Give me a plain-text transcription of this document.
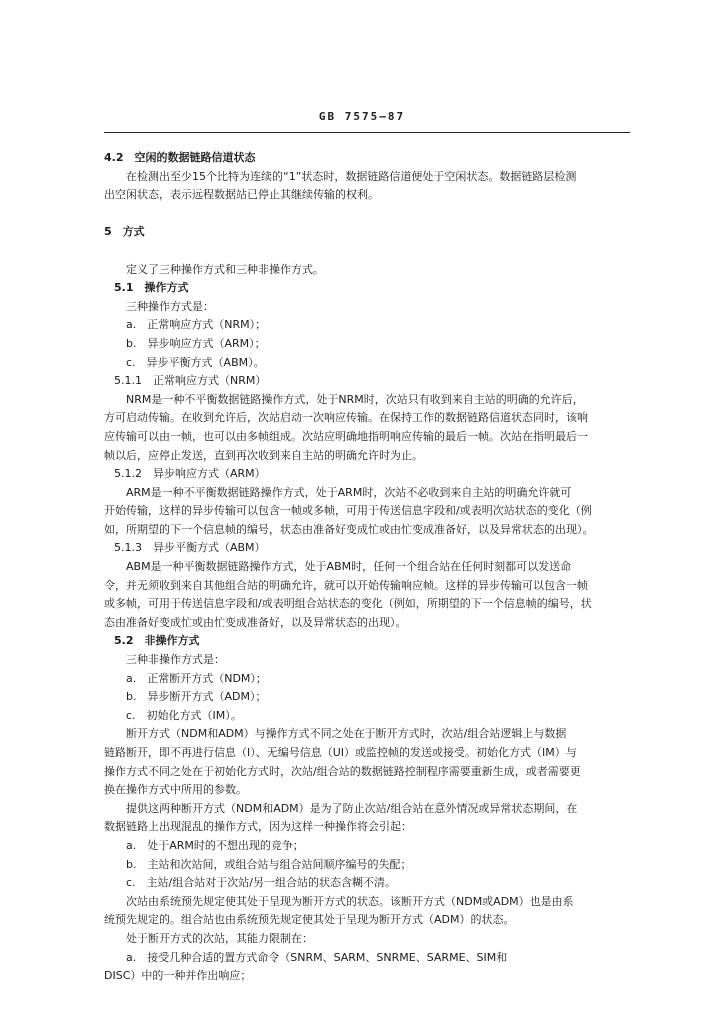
GB 7575—87

4.2　空闲的数据链路信道状态

在检测出至少15个比特为连续的“1”状态时，数据链路信道便处于空闲状态。数据链路层检测

出空闲状态，表示远程数据站已停止其继续传输的权利。

5　方式

定义了三种操作方式和三种非操作方式。

5.1　操作方式

三种操作方式是：

a.　正常响应方式（NRM）；

b.　异步响应方式（ARM）；

c.　异步平衡方式（ABM）。

5.1.1　正常响应方式（NRM）

NRM是一种不平衡数据链路操作方式，处于NRM时，次站只有收到来自主站的明确的允许后，

方可启动传输。在收到允许后，次站启动一次响应传输。在保持工作的数据链路信道状态同时，该响

应传输可以由一帧，也可以由多帧组成。次站应明确地指明响应传输的最后一帧。次站在指明最后一

帧以后，应停止发送，直到再次收到来自主站的明确允许时为止。

5.1.2　异步响应方式（ARM）

ARM是一种不平衡数据链路操作方式，处于ARM时，次站不必收到来自主站的明确允许就可

开始传输，这样的异步传输可以包含一帧或多帧，可用于传送信息字段和/或表明次站状态的变化（例

如，所期望的下一个信息帧的编号，状态由准备好变成忙或由忙变成准备好，以及异常状态的出现）。

5.1.3　异步平衡方式（ABM）

ABM是一种平衡数据链路操作方式，处于ABM时，任何一个组合站在任何时刻都可以发送命

令，并无须收到来自其他组合站的明确允许，就可以开始传输响应帧。这样的异步传输可以包含一帧

或多帧，可用于传送信息字段和/或表明组合站状态的变化（例如，所期望的下一个信息帧的编号，状

态由准备好变成忙或由忙变成准备好，以及异常状态的出现）。

5.2　非操作方式

三种非操作方式是：

a.　正常断开方式（NDM）；

b.　异步断开方式（ADM）；

c.　初始化方式（IM）。

断开方式（NDM和ADM）与操作方式不同之处在于断开方式时，次站/组合站逻辑上与数据

链路断开，即不再进行信息（I）、无编号信息（UI）或监控帧的发送或接受。初始化方式（IM）与

操作方式不同之处在于初始化方式时，次站/组合站的数据链路控制程序需要重新生成，或者需要更

换在操作方式中所用的参数。

提供这两种断开方式（NDM和ADM）是为了防止次站/组合站在意外情况或异常状态期间，在

数据链路上出现混乱的操作方式，因为这样一种操作将会引起：

a.　处于ARM时的不想出现的竞争；

b.　主站和次站间，或组合站与组合站间顺序编号的失配；

c.　主站/组合站对于次站/另一组合站的状态含糊不清。

次站由系统预先规定使其处于呈现为断开方式的状态。该断开方式（NDM或ADM）也是由系

统预先规定的。组合站也由系统预先规定使其处于呈现为断开方式（ADM）的状态。

处于断开方式的次站，其能力限制在：

a.　接受几种合适的置方式命令（SNRM、SARM、SNRME、SARME、SIM和

DISC）中的一种并作出响应；
